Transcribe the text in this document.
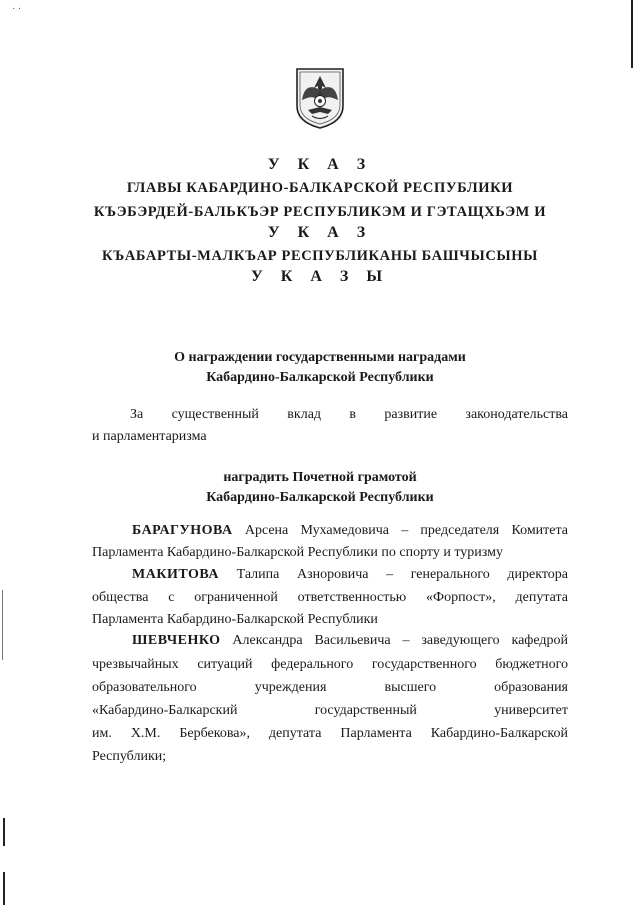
· ·
У К А З
ГЛАВЫ КАБАРДИНО-БАЛКАРСКОЙ РЕСПУБЛИКИ
КЪЭБЭРДЕЙ-БАЛЬКЪЭР РЕСПУБЛИКЭМ И ГЭТАЩХЬЭМ И
У К А З
КЪАБАРТЫ-МАЛКЪАР РЕСПУБЛИКАНЫ БАШЧЫСЫНЫ
У К А З Ы
О награждении государственными наградами
Кабардино-Балкарской Республики
За существенный вклад в развитие законодательства
и парламентаризма
наградить Почетной грамотой
Кабардино-Балкарской Республики
БАРАГУНОВА Арсена Мухамедовича – председателя Комитета
Парламента Кабардино-Балкарской Республики по спорту и туризму
МАКИТОВА Талипа Азноровича – генерального директора
общества с ограниченной ответственностью «Форпост», депутата
Парламента Кабардино-Балкарской Республики
ШЕВЧЕНКО Александра Васильевича – заведующего кафедрой
чрезвычайных ситуаций федерального государственного бюджетного
образовательного учреждения высшего образования
«Кабардино-Балкарский государственный университет
им. Х.М. Бербекова», депутата Парламента Кабардино-Балкарской
Республики;
